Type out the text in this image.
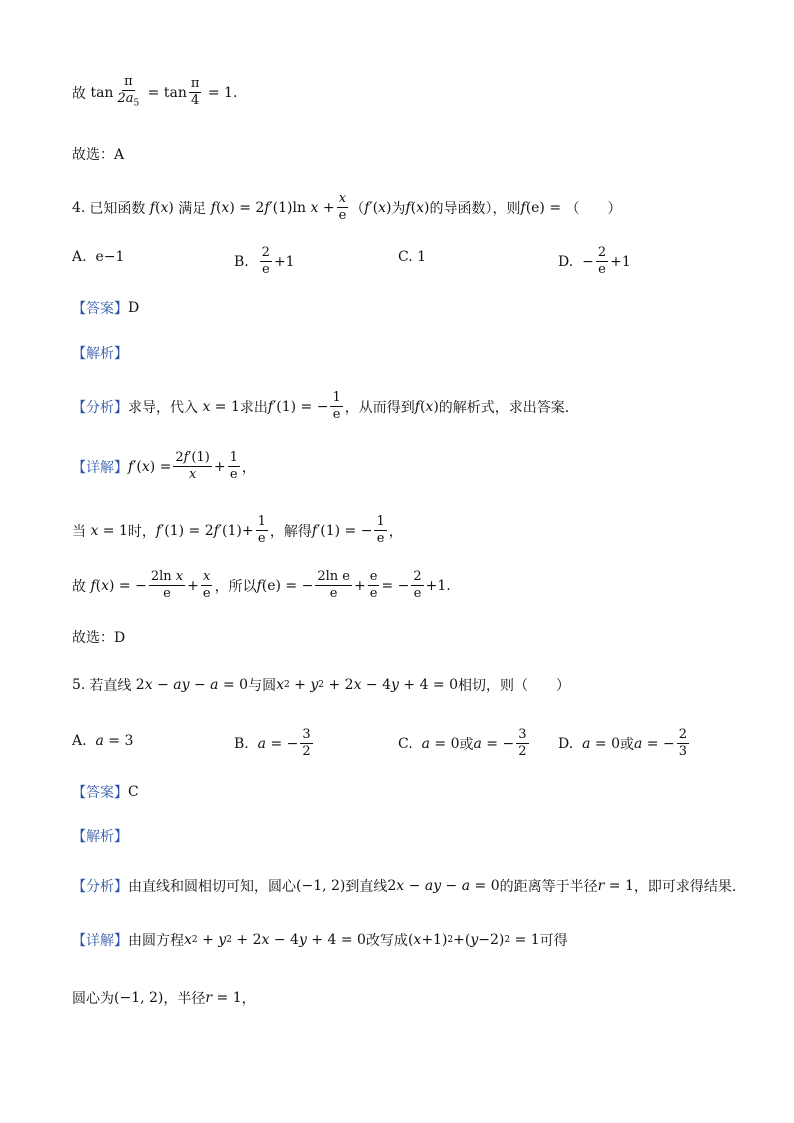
故 $\tan \frac{\pi}{2a_5} = \tan \frac{\pi}{4} = 1$ .
故选：A
4. 已知函数 f ( x ) 满足 f ( x ) = 2 f ′(1)ln $x + \frac{x}{e}$ （ f ′( x ) 为 f ( x ) 的导函数），则 f (e) = （　　）
A.
e−1	B.
$\frac{2}{e} +1$	C.
1	D.
− $\frac{2}{e} +1$
【答案】 D
【解析】
【分析】 求导，代入 x = 1 求出 f ′(1) = − $\frac{1}{e}$ ，从而得到 f ( x ) 的解析式，求出答案.
【详解】 f ′( x ) = $\frac{2f'(1)}{x} + \frac{1}{e}$ ，
当 x = 1 时， f ′(1) = 2 f $'(1)+ \frac{1}{e}$ ，解得 f ′(1) = − $\frac{1}{e}$ ，
故 f ( x ) = − $\frac{\text{2ln x}}{e} + \frac{x}{e}$ ，所以 f (e) = − $\frac{\text{2ln e}}{e} + \frac{e}{e}$ = − $\frac{2}{e} +1$ .
故选：D
5. 若直线 2 x − ay − a = 0 与圆 x 2 + y 2 + 2 x − 4 y + 4 = 0 相切，则（　　）
A.
a = 3	B.
a = − $\frac{3}{2}$	C.
a = 0 或 a = − $\frac{3}{2} D$.
a = 0 或 a = − $\frac{2}{3}$
【答案】 C
【解析】
【分析】 由直线和圆相切可知，圆心 (−1, 2) 到直线 2 x − ay − a = 0 的距离等于半径 r = 1 ，即可求得结果.
【详解】 由圆方程 x 2 + y 2 + 2 x − 4 y + 4 = 0 改写成 ( x +1) 2 +( y −2) 2 = 1 可得
圆心为 (−1, 2) ，半径 r = 1 ，
